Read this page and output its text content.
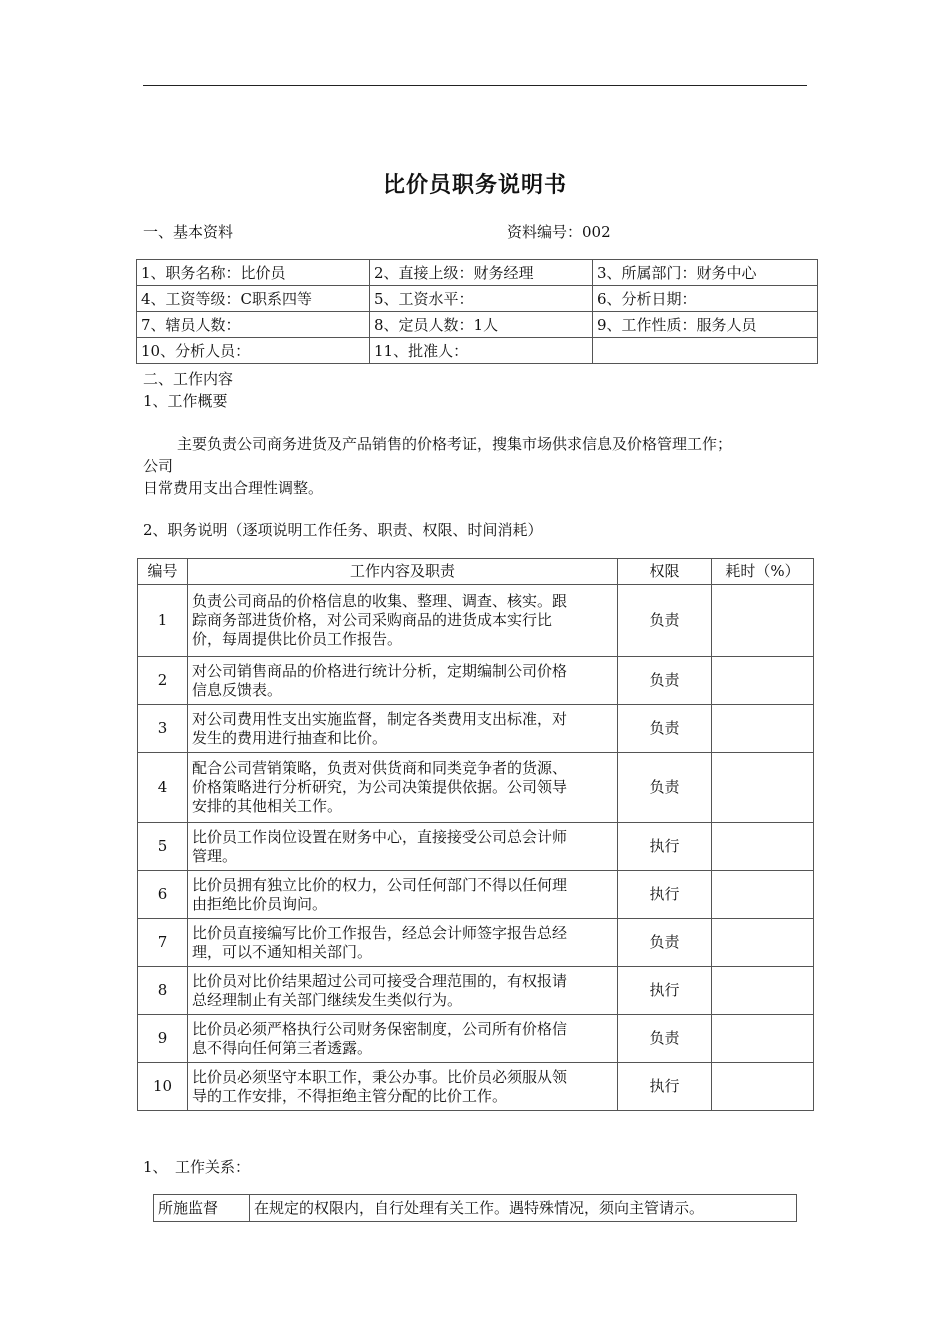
比价员职务说明书
一、基本资料	资料编号：002
1、职务名称：比价员	2、直接上级：财务经理	3、所属部门：财务中心
4、工资等级：C职系四等	5、工资水平：	6、分析日期：
7、辖员人数：	8、定员人数：1人	9、工作性质：服务人员
10、分析人员：	11、批准人：	
二、工作内容
1、工作概要
主要负责公司商务进货及产品销售的价格考证，搜集市场供求信息及价格管理工作；
公司
日常费用支出合理性调整。
2、职务说明（逐项说明工作任务、职责、权限、时间消耗）
编号	工作内容及职责	权限	耗时（%）
1	负责公司商品的价格信息的收集、整理、调查、核实。跟
踪商务部进货价格，对公司采购商品的进货成本实行比
价，每周提供比价员工作报告。	负责	
2	对公司销售商品的价格进行统计分析，定期编制公司价格
信息反馈表。	负责	
3	对公司费用性支出实施监督，制定各类费用支出标准，对
发生的费用进行抽查和比价。	负责	
4	配合公司营销策略，负责对供货商和同类竞争者的货源、
价格策略进行分析研究，为公司决策提供依据。公司领导
安排的其他相关工作。	负责	
5	比价员工作岗位设置在财务中心，直接接受公司总会计师
管理。	执行	
6	比价员拥有独立比价的权力，公司任何部门不得以任何理
由拒绝比价员询问。	执行	
7	比价员直接编写比价工作报告，经总会计师签字报告总经
理，可以不通知相关部门。	负责	
8	比价员对比价结果超过公司可接受合理范围的，有权报请
总经理制止有关部门继续发生类似行为。	执行	
9	比价员必须严格执行公司财务保密制度，公司所有价格信
息不得向任何第三者透露。	负责	
10	比价员必须坚守本职工作，秉公办事。比价员必须服从领
导的工作安排，不得拒绝主管分配的比价工作。	执行	
1、　工作关系：
所施监督	在规定的权限内，自行处理有关工作。遇特殊情况，须向主管请示。
